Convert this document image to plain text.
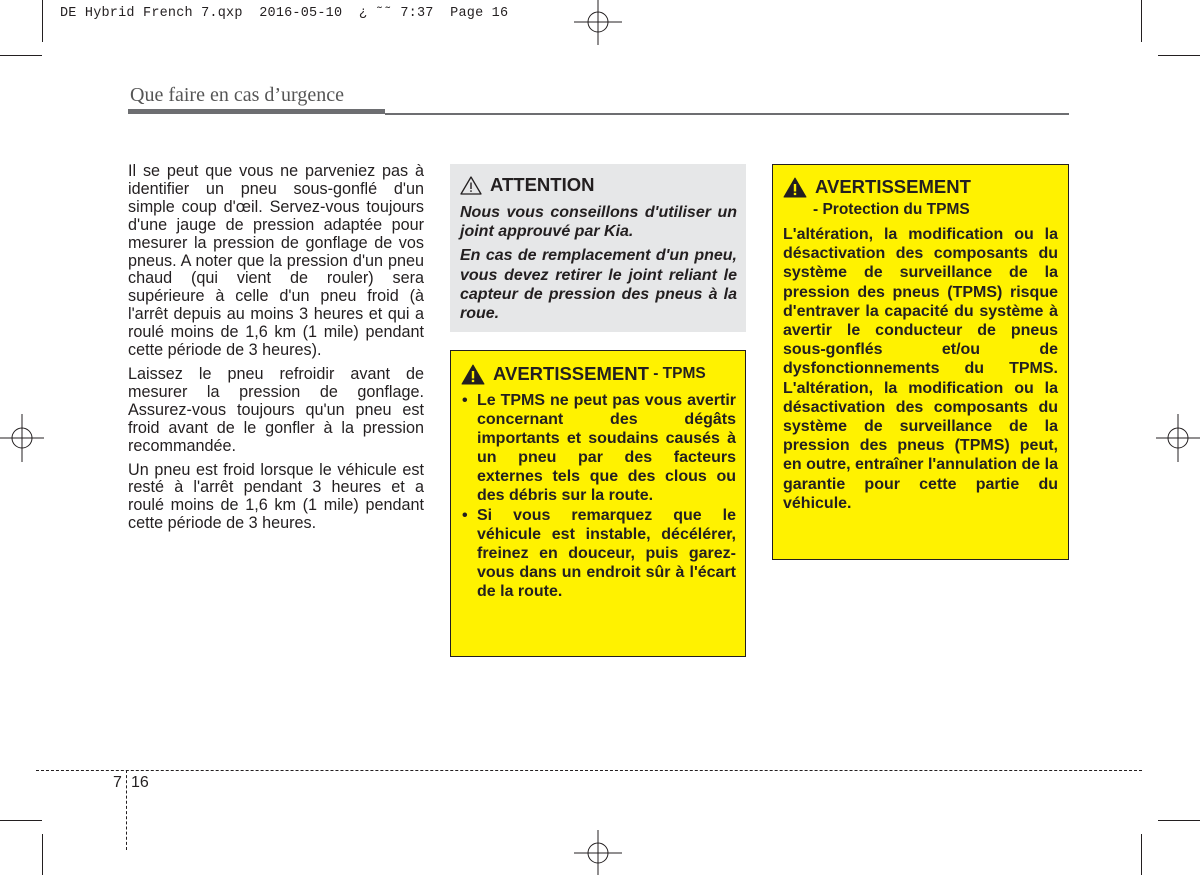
DE Hybrid French 7.qxp  2016-05-10  ¿ ˜˜ 7:37  Page 16
Que faire en cas d’urgence

Il se peut que vous ne parveniez pas à identifier un pneu sous-gonflé d'un simple coup d'œil. Servez-vous toujours d'une jauge de pression adaptée pour mesurer la pression de gonflage de vos pneus. A noter que la pression d'un pneu chaud (qui vient de rouler) sera supérieure à celle d'un pneu froid (à l'arrêt depuis au moins 3 heures et qui a roulé moins de 1,6 km (1 mile) pendant cette période de 3 heures).

Laissez le pneu refroidir avant de mesurer la pression de gonflage. Assurez-vous toujours qu'un pneu est froid avant de le gonfler à la pression recommandée.

Un pneu est froid lorsque le véhicule est resté à l'arrêt pendant 3 heures et a roulé moins de 1,6 km (1 mile) pendant cette période de 3 heures.

ATTENTION

Nous vous conseillons d'utiliser un joint approuvé par Kia.

En cas de remplacement d'un pneu, vous devez retirer le joint reliant le capteur de pression des pneus à la roue.

AVERTISSEMENT - TPMS
• Le TPMS ne peut pas vous avertir concernant des dégâts importants et soudains causés à un pneu par des facteurs externes tels que des clous ou des débris sur la route.
• Si vous remarquez que le véhicule est instable, décélérer, freinez en douceur, puis garez-vous dans un endroit sûr à l'écart de la route.
AVERTISSEMENT
- Protection du TPMS
L'altération, la modification ou la désactivation des composants du système de surveillance de la pression des pneus (TPMS) risque d'entraver la capacité du système à avertir le conducteur de pneus sous-gonflés et/ou de dysfonctionnements du TPMS. L'altération, la modification ou la désactivation des composants du système de surveillance de la pression des pneus (TPMS) peut, en outre, entraîner l'annulation de la garantie pour cette partie du véhicule.
7 16
